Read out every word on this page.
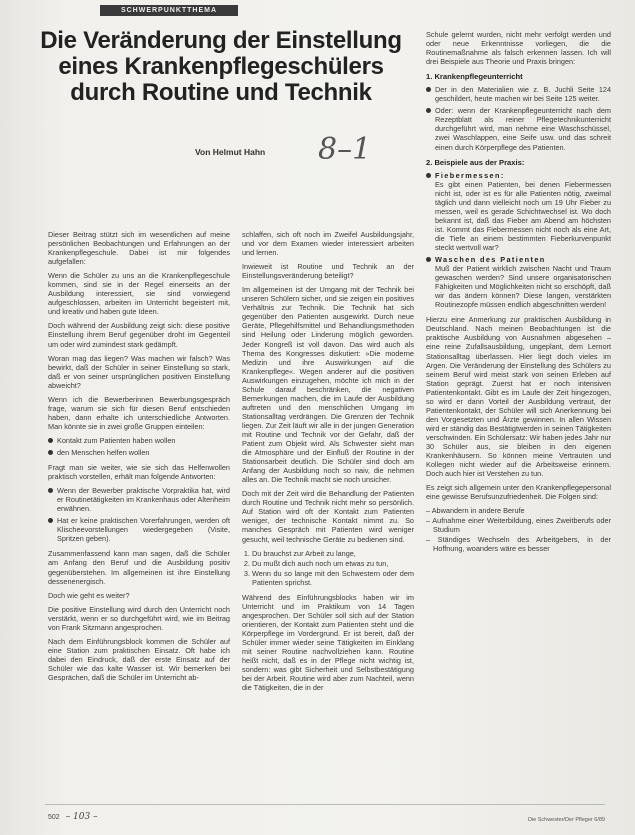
SCHWERPUNKTTHEMA
Die Veränderung der Einstellung eines Krankenpflegeschülers durch Routine und Technik
Von Helmut Hahn 8–1

Dieser Beitrag stützt sich im wesentlichen auf meine persönlichen Beobachtungen und Erfahrungen an der Krankenpflegeschule. Dabei ist mir folgendes aufgefallen:

Wenn die Schüler zu uns an die Krankenpflegeschule kommen, sind sie in der Regel einerseits an der Ausbildung interessiert, sie sind vorwiegend aufgeschlossen, arbeiten im Unterricht begeistert mit, und kreativ und haben gute Ideen.

Doch während der Ausbildung zeigt sich: diese positive Einstellung ihrem Beruf gegenüber droht im Gegenteil um oder wird zumindest stark gedämpft.

Woran mag das liegen? Was machen wir falsch? Was bewirkt, daß der Schüler in seiner Einstellung so stark, daß er von seiner ursprünglichen positiven Einstellung abweicht?

Wenn ich die Bewerberinnen Bewerbungsgespräch frage, warum sie sich für diesen Beruf entschieden haben, dann erhalte ich unterschiedliche Antworten. Man könnte sie in zwei große Gruppen einteilen:

Kontakt zum Patienten haben wollen
den Menschen helfen wollen

Fragt man sie weiter, wie sie sich das Helfenwollen praktisch vorstellen, erhält man folgende Antworten:

Wenn der Bewerber praktische Vorpraktika hat, wird er Routinetätigkeiten im Krankenhaus oder Altenheim erwähnen.
Hat er keine praktischen Vorerfahrungen, werden oft Klischeevorstellungen wiedergegeben (Visite, Spritzen geben).

Zusammenfassend kann man sagen, daß die Schüler am Anfang den Beruf und die Ausbildung positiv gegenüberstehen. Im allgemeinen ist ihre Einstellung dessenenergisch.

Doch wie geht es weiter?

Die positive Einstellung wird durch den Unterricht noch verstärkt, wenn er so durchgeführt wird, wie im Beitrag von Frank Sitzmann angesprochen.

Nach dem Einführungsblock kommen die Schüler auf eine Station zum praktischen Einsatz. Oft habe ich dabei den Eindruck, daß der erste Einsatz auf der Schüler wie das kalte Wasser ist. Wir bemerken bei Gesprächen, daß die Schüler im Unterricht ab-

schlaffen, sich oft noch im Zweifel Ausbildungsjahr, und vor dem Examen wieder interessiert arbeiten und lernen.

Inwieweit ist Routine und Technik an der Einstellungsveränderung beteiligt?

Im allgemeinen ist der Umgang mit der Technik bei unseren Schülern sicher, und sie zeigen ein positives Verhältnis zur Technik. Die Technik hat sich gegenüber den Patienten ausgewirkt. Durch neue Geräte, Pflegehilfsmittel und Behandlungsmethoden sind Heilung oder Linderung möglich geworden. Jeder Kongreß ist voll davon. Das wird auch als Thema des Kongresses diskutiert: »Die moderne Medizin und ihre Auswirkungen auf die Krankenpflege«. Wegen anderer auf die positiven Auswirkungen einzugehen, möchte ich mich in der Schule darauf beschränken, die negativen Bemerkungen machen, die im Laufe der Ausbildung auftreten und den menschlichen Umgang im Stationsalltag verdrängen. Die Grenzen der Technik liegen. Zur Zeit läuft wir alle in der jungen Generation mit Routine und Technik vor der Gefahr, daß der Patient zum Objekt wird. Als Schwester sieht man die Atmosphäre und der Einfluß der Routine in der Stationsarbeit deutlich. Die Schüler sind doch am Anfang der Ausbildung noch so naiv, die nehmen alles an. Die Technik macht sie noch unsicher.

Doch mit der Zeit wird die Behandlung der Patienten durch Routine und Technik nicht mehr so persönlich. Auf Station wird oft der Kontakt zum Patienten weniger, der technische Kontakt nimmt zu. So manches Gespräch mit Patienten wird weniger gesucht, weil technische Geräte zu bedienen sind.

1. Du brauchst zur Arbeit zu lange,
2. Du mußt dich auch noch um etwas zu tun,
3. Wenn du so lange mit den Schwestern oder dem Patienten sprichst.

Während des Einführungsblocks haben wir im Unterricht und im Praktikum von 14 Tagen angesprochen. Der Schüler soll sich auf der Station orientieren, der Kontakt zum Patienten steht und die Körperpflege im Vordergrund. Er ist bereit, daß der Schüler immer wieder seine Tätigkeiten im Einklang mit seiner Routine nachvollziehen kann. Routine heißt nicht, daß es in der Pflege nicht wichtig ist, sondern: was gibt Sicherheit und Selbstbestätigung bei der Arbeit. Routine wird aber zum Nachteil, wenn die Tätigkeiten, die in der

Schule gelernt wurden, nicht mehr verfolgt werden und oder neue Erkenntnisse vorliegen, die die Routinemaßnahme als falsch erkennen lassen. Ich will drei Beispiele aus Theorie und Praxis bringen:

1. Krankenpflegeunterricht
Der in den Materialien wie z. B. Juchli Seite 124 geschildert, heute machen wir bei Seite 125 weiter.
Oder: wenn der Krankenpflegeunterricht nach dem Rezeptblatt als reiner Pflegetechnikunterricht durchgeführt wird, man nehme eine Waschschüssel, zwei Waschlappen, eine Seife usw. und das schreit einen durch Körperpflege des Patienten.
2. Beispiele aus der Praxis:
Fiebermessen:
Es gibt einen Patienten, bei denen Fiebermessen nicht ist, oder ist es für alle Patienten nötig, zweimal täglich und dann vielleicht noch um 19 Uhr Fieber zu messen, weil es gerade Schichtwechsel ist. Wo doch bekannt ist, daß das Fieber am Abend am höchsten ist. Kommt das Fiebermessen nicht noch als eine Art, die Tiefe an einem bestimmten Fieberkurvenpunkt steckt wertvoll war?
Waschen des Patienten
Muß der Patient wirklich zwischen Nacht und Traum gewaschen werden? Sind unsere organisatorischen Fähigkeiten und Möglichkeiten nicht so erschöpft, daß wir das ändern können? Diese langen, verstärkten Routinezopfe müssen endlich abgeschnitten werden!

Hierzu eine Anmerkung zur praktischen Ausbildung in Deutschland. Nach meinen Beobachtungen ist die praktische Ausbildung von Ausnahmen abgesehen – eine reine Zufallsausbildung, ungeplant, dem Lernort Stationsalltag überlassen. Hier liegt doch vieles im Argen. Die Veränderung der Einstellung des Schülers zu seinem Beruf wird meist stark von seinen Erleben auf Station geprägt. Zuerst hat er noch intensiven Patientenkontakt. Gibt es im Laufe der Zeit hingezogen, so wird er dann Vorteil der Ausbildung vertraut, der Patientenkontakt, der Schüler will sich Anerkennung bei den Vorgesetzten und Ärzte gewinnen. In allen Wissen wird er ständig das Bestätigtwerden in seinen Tätigkeiten verschwinden. Ein Schülersatz: Wir haben jedes Jahr nur 30 Schüler aus, sie bleiben in den eigenen Krankenhäusern. So können meine Vertrauten und Kollegen nicht wieder auf die Arbeitsweise erinnern. Doch auch hier ist Verstehen zu tun.

Es zeigt sich allgemein unter den Krankenpflegepersonal eine gewisse Berufsunzufriedenheit. Die Folgen sind:

– Abwandern in andere Berufe
– Aufnahme einer Weiterbildung, eines Zweitberufs oder Studium
– Ständiges Wechseln des Arbeitgebers, in der Hoffnung, woanders wäre es besser
502 – 103 –	Die Schwester/Der Pfleger 6/89
